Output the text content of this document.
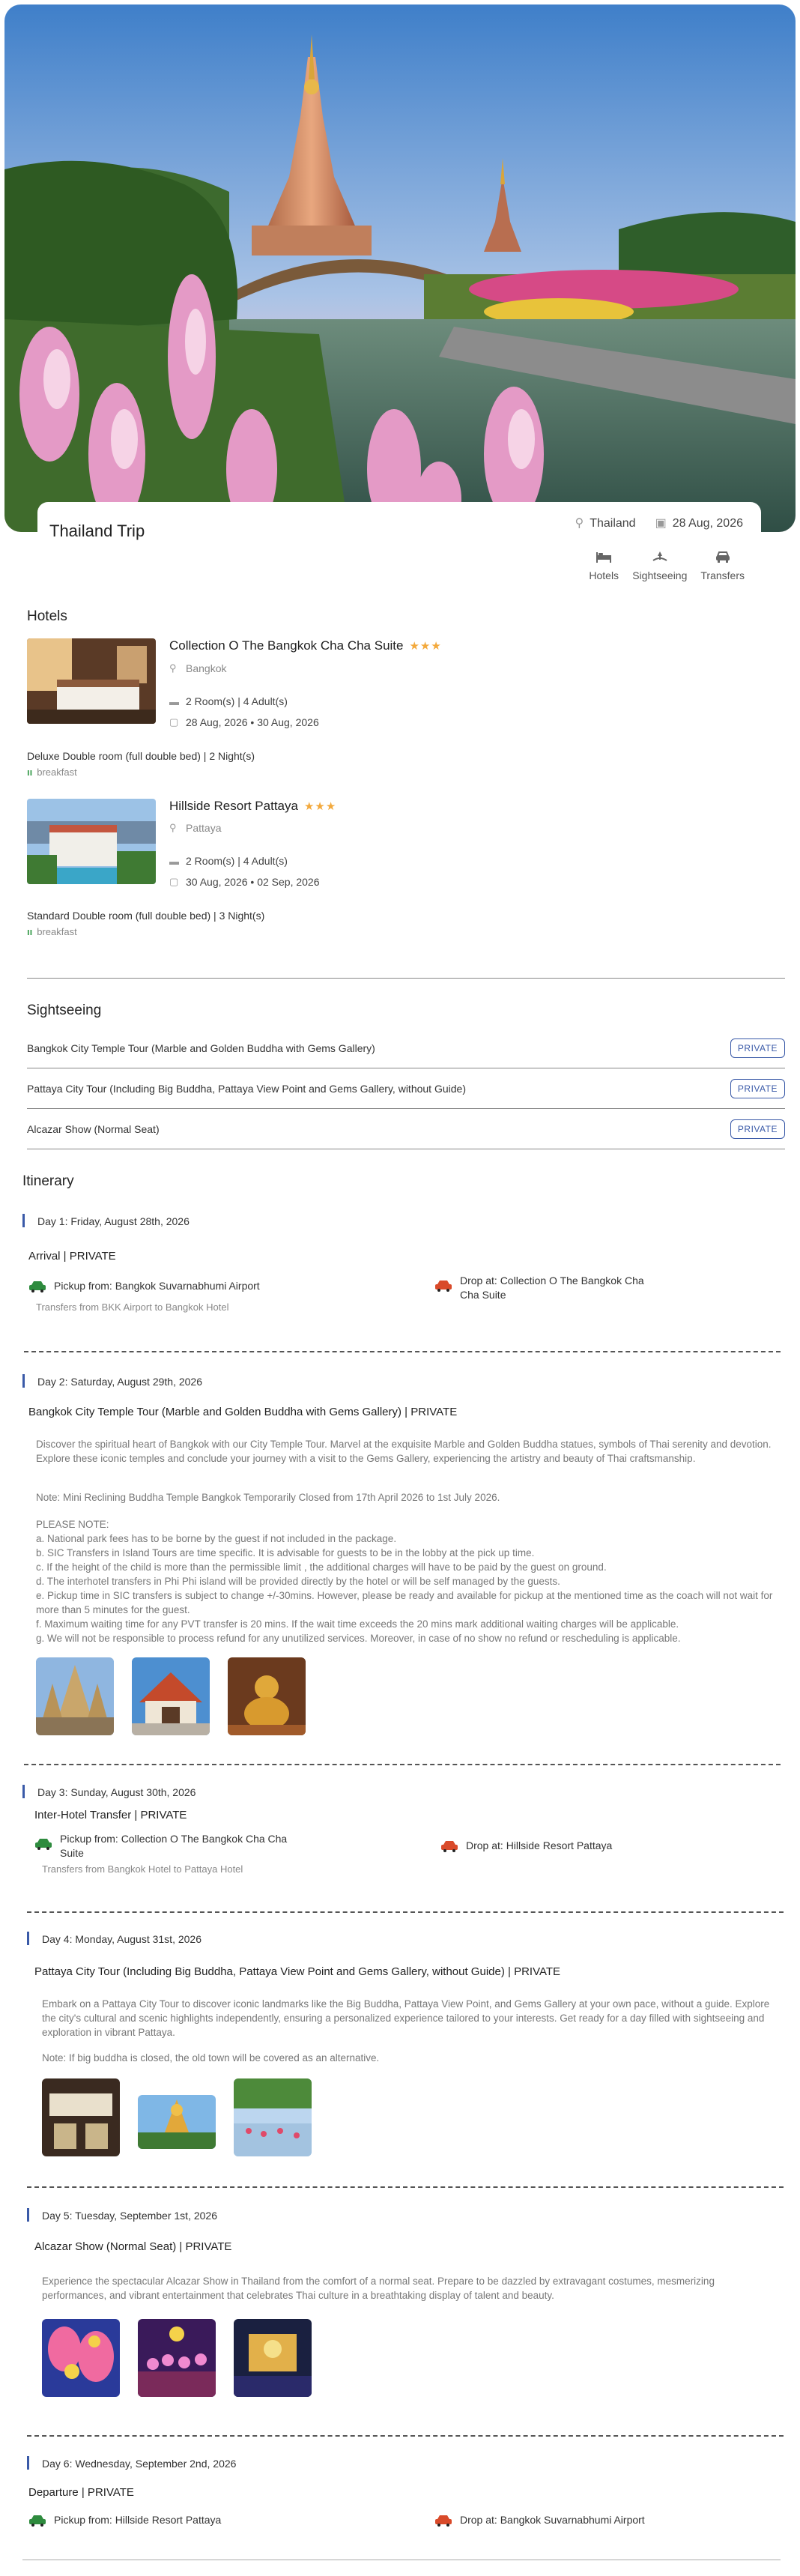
Thailand Trip	⚲ Thailand ▣ 28 Aug, 2026
Hotels Sightseeing Transfers
Hotels
Collection O The Bangkok Cha Cha Suite ★★★
⚲ Bangkok
▬ 2 Room(s) | 4 Adult(s)
▢ 28 Aug, 2026 • 30 Aug, 2026
Deluxe Double room (full double bed) | 2 Night(s)
ıı breakfast
Hillside Resort Pattaya ★★★
⚲ Pattaya
▬ 2 Room(s) | 4 Adult(s)
▢ 30 Aug, 2026 • 02 Sep, 2026
Standard Double room (full double bed) | 3 Night(s)
ıı breakfast
Sightseeing
Bangkok City Temple Tour (Marble and Golden Buddha with Gems Gallery)	PRIVATE
Pattaya City Tour (Including Big Buddha, Pattaya View Point and Gems Gallery, without Guide)	PRIVATE
Alcazar Show (Normal Seat)	PRIVATE
Itinerary
Day 1: Friday, August 28th, 2026
Arrival | PRIVATE
Pickup from: Bangkok Suvarnabhumi Airport	Drop at: Collection O The Bangkok Cha Cha Suite
Transfers from BKK Airport to Bangkok Hotel
Day 2: Saturday, August 29th, 2026
Bangkok City Temple Tour (Marble and Golden Buddha with Gems Gallery) | PRIVATE
Discover the spiritual heart of Bangkok with our City Temple Tour. Marvel at the exquisite Marble and Golden Buddha statues, symbols of Thai serenity and devotion. Explore these iconic temples and conclude your journey with a visit to the Gems Gallery, experiencing the artistry and beauty of Thai craftsmanship.
Note: Mini Reclining Buddha Temple Bangkok Temporarily Closed from 17th April 2026 to 1st July 2026.
PLEASE NOTE:
a. National park fees has to be borne by the guest if not included in the package.
b. SIC Transfers in Island Tours are time specific. It is advisable for guests to be in the lobby at the pick up time.
c. If the height of the child is more than the permissible limit , the additional charges will have to be paid by the guest on ground.
d. The interhotel transfers in Phi Phi island will be provided directly by the hotel or will be self managed by the guests.
e. Pickup time in SIC transfers is subject to change +/-30mins. However, please be ready and available for pickup at the mentioned time as the coach will not wait for more than 5 minutes for the guest.
f. Maximum waiting time for any PVT transfer is 20 mins. If the wait time exceeds the 20 mins mark additional waiting charges will be applicable.
g. We will not be responsible to process refund for any unutilized services. Moreover, in case of no show no refund or rescheduling is applicable.
Day 3: Sunday, August 30th, 2026
Inter-Hotel Transfer | PRIVATE
Pickup from: Collection O The Bangkok Cha Cha Suite
Drop at: Hillside Resort Pattaya
Transfers from Bangkok Hotel to Pattaya Hotel
Day 4: Monday, August 31st, 2026
Pattaya City Tour (Including Big Buddha, Pattaya View Point and Gems Gallery, without Guide) | PRIVATE
Embark on a Pattaya City Tour to discover iconic landmarks like the Big Buddha, Pattaya View Point, and Gems Gallery at your own pace, without a guide. Explore the city's cultural and scenic highlights independently, ensuring a personalized experience tailored to your interests. Get ready for a day filled with sightseeing and exploration in vibrant Pattaya.
Note: If big buddha is closed, the old town will be covered as an alternative.
Day 5: Tuesday, September 1st, 2026
Alcazar Show (Normal Seat) | PRIVATE
Experience the spectacular Alcazar Show in Thailand from the comfort of a normal seat. Prepare to be dazzled by extravagant costumes, mesmerizing performances, and vibrant entertainment that celebrates Thai culture in a breathtaking display of talent and beauty.
Day 6: Wednesday, September 2nd, 2026
Departure | PRIVATE
Pickup from: Hillside Resort Pattaya	Drop at: Bangkok Suvarnabhumi Airport
